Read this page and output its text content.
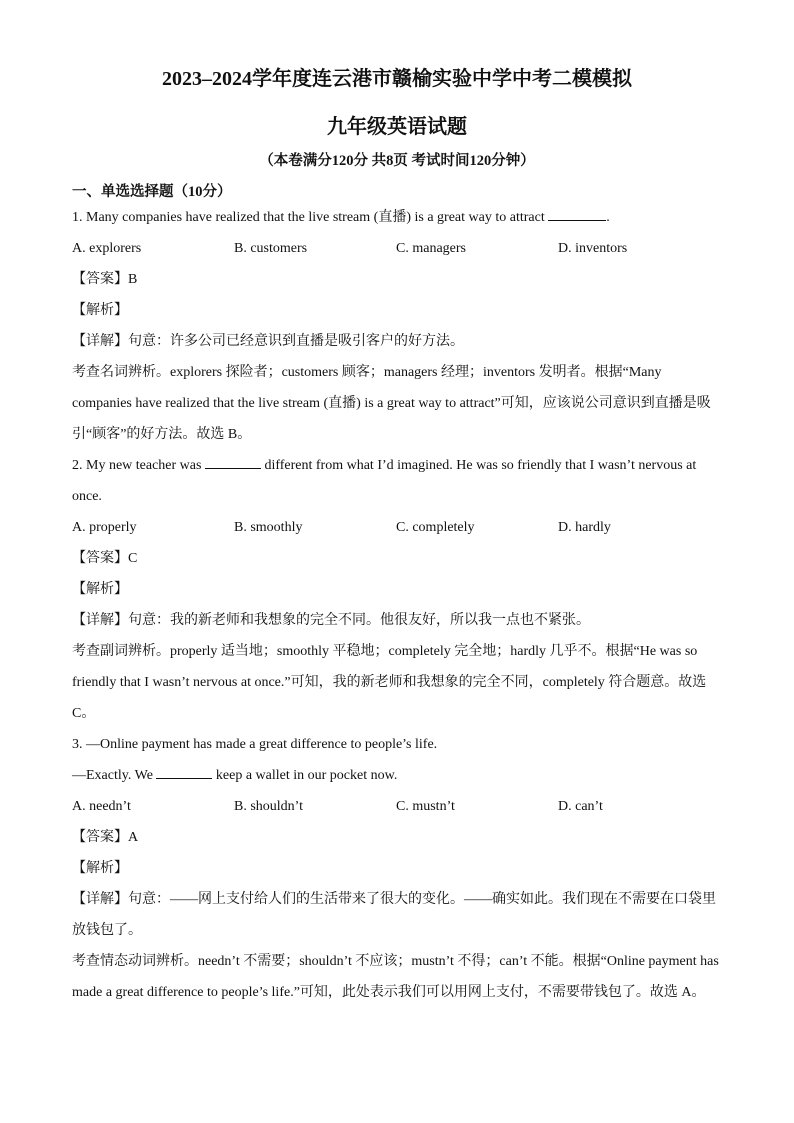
2023–2024学年度连云港市赣榆实验中学中考二模模拟
九年级英语试题
（本卷满分120分 共8页 考试时间120分钟）
一、单选选择题（10分）
1. Many companies have realized that the live stream (直播) is a great way to attract	.
A. explorers	B. customers	C. managers	D. inventors
【答案】B
【解析】
【详解】句意：许多公司已经意识到直播是吸引客户的好方法。
考查名词辨析。explorers 探险者；customers 顾客；managers 经理；inventors 发明者。根据“Many
companies have realized that the live stream (直播) is a great way to attract”可知，应该说公司意识到直播是吸
引“顾客”的好方法。故选 B。
2. My new teacher was	different from what I’d imagined. He was so friendly that I wasn’t nervous at
once.
A. properly	B. smoothly	C. completely	D. hardly
【答案】C
【解析】
【详解】句意：我的新老师和我想象的完全不同。他很友好，所以我一点也不紧张。
考查副词辨析。properly 适当地；smoothly 平稳地；completely 完全地；hardly 几乎不。根据“He was so
friendly that I wasn’t nervous at once.”可知，我的新老师和我想象的完全不同，completely 符合题意。故选
C。
3. —Online payment has made a great difference to people’s life.
—Exactly. We	keep a wallet in our pocket now.
A. needn’t	B. shouldn’t	C. mustn’t	D. can’t
【答案】A
【解析】
【详解】句意：——网上支付给人们的生活带来了很大的变化。——确实如此。我们现在不需要在口袋里
放钱包了。
考查情态动词辨析。needn’t 不需要；shouldn’t 不应该；mustn’t 不得；can’t 不能。根据“Online payment has
made a great difference to people’s life.”可知，此处表示我们可以用网上支付，不需要带钱包了。故选 A。
